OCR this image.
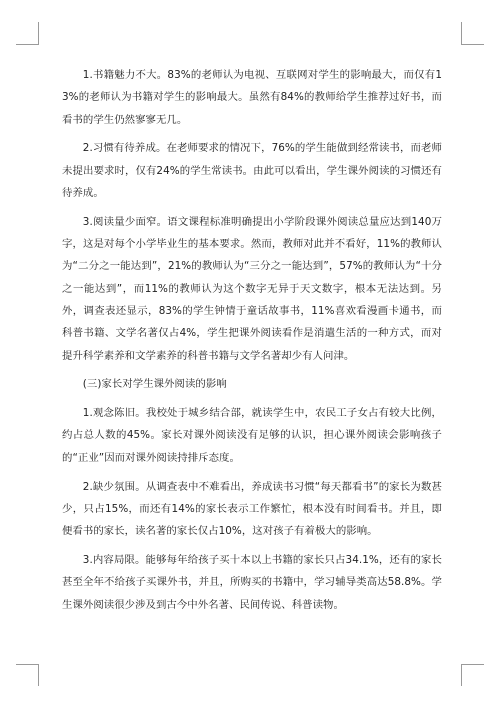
1.书籍魅力不大。83%的老师认为电视、互联网对学生的影响最大，而仅有13%的老师认为书籍对学生的影响最大。虽然有84%的教师给学生推荐过好书，而看书的学生仍然寥寥无几。

2.习惯有待养成。在老师要求的情况下，76%的学生能做到经常读书，而老师未提出要求时，仅有24%的学生常读书。由此可以看出，学生课外阅读的习惯还有待养成。

3.阅读量少面窄。语文课程标准明确提出小学阶段课外阅读总量应达到140万字，这是对每个小学毕业生的基本要求。然而，教师对此并不看好，11%的教师认为“二分之一能达到”，21%的教师认为“三分之一能达到”，57%的教师认为“十分之一能达到”，而11%的教师认为这个数字无异于天文数字，根本无法达到。另外，调查表还显示，83%的学生钟情于童话故事书，11%喜欢看漫画卡通书，而科普书籍、文学名著仅占4%，学生把课外阅读看作是消遣生活的一种方式，而对提升科学素养和文学素养的科普书籍与文学名著却少有人问津。

(三)家长对学生课外阅读的影响

1.观念陈旧。我校处于城乡结合部，就读学生中，农民工子女占有较大比例，约占总人数的45%。家长对课外阅读没有足够的认识，担心课外阅读会影响孩子的“正业”因而对课外阅读持排斥态度。

2.缺少氛围。从调查表中不难看出，养成读书习惯“每天都看书”的家长为数甚少，只占15%，而还有14%的家长表示工作繁忙，根本没有时间看书。并且，即便看书的家长，读名著的家长仅占10%，这对孩子有着极大的影响。

3.内容局限。能够每年给孩子买十本以上书籍的家长只占34.1%，还有的家长甚至全年不给孩子买课外书，并且，所购买的书籍中，学习辅导类高达58.8%。学生课外阅读很少涉及到古今中外名著、民间传说、科普读物。
